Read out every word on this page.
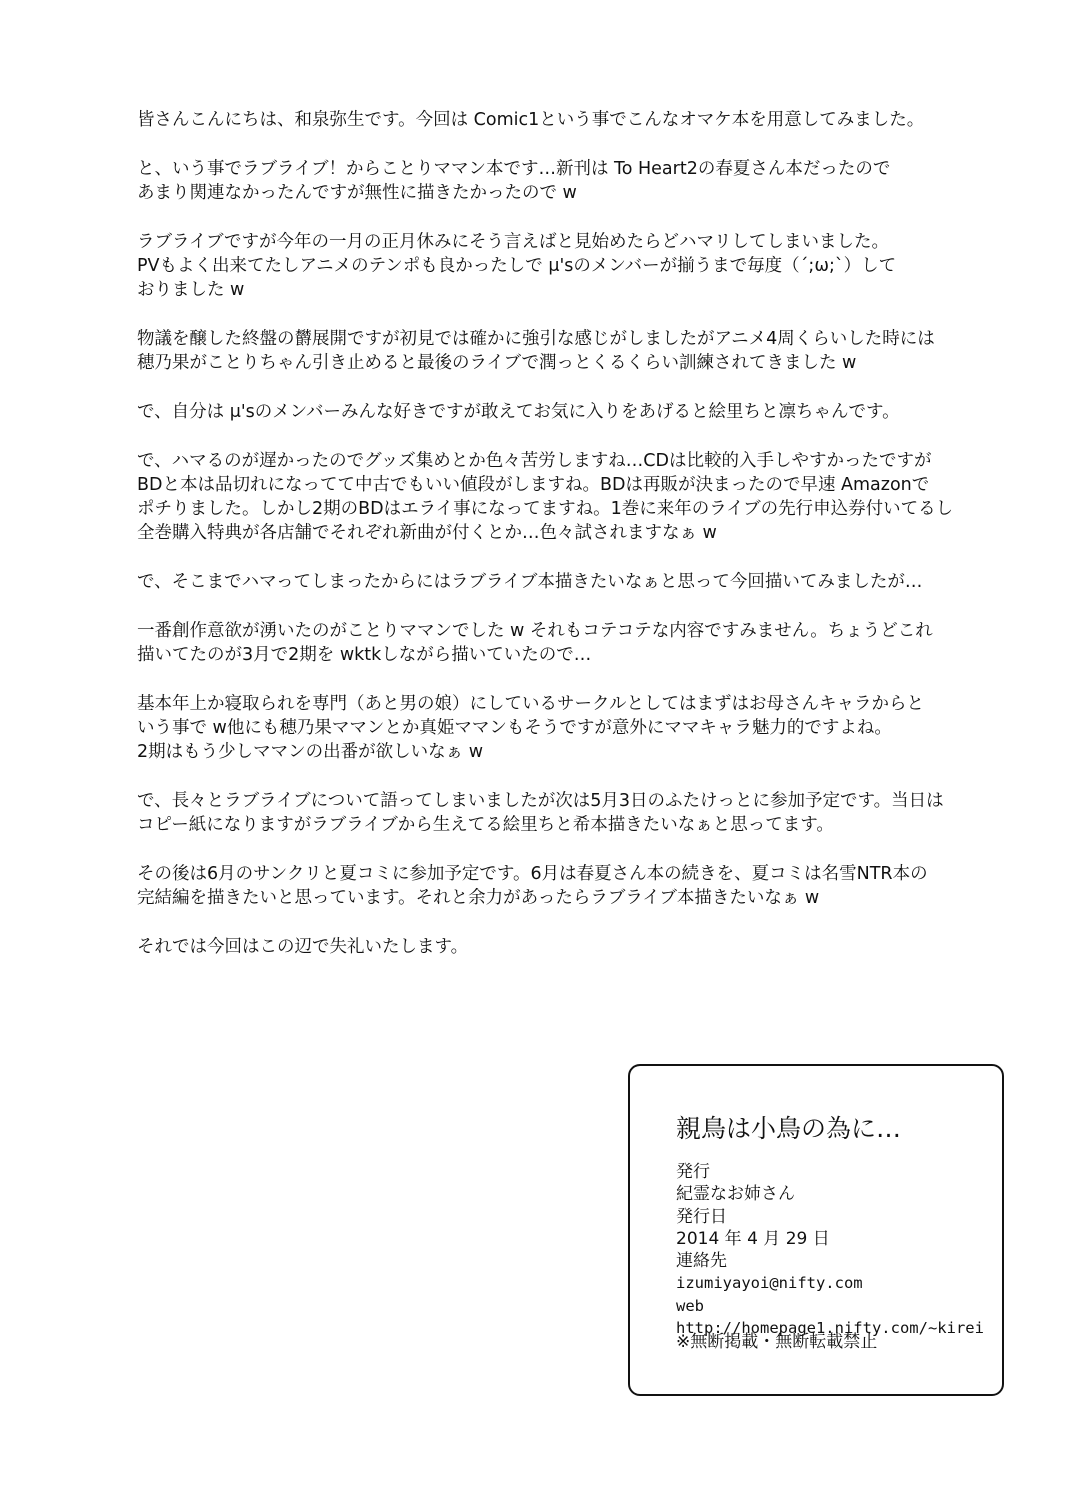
皆さんこんにちは、和泉弥生です。今回は Comic1という事でこんなオマケ本を用意してみました。
と、いう事でラブライブ！からことりママン本です…新刊は To Heart2の春夏さん本だったので
あまり関連なかったんですが無性に描きたかったので w
ラブライブですが今年の一月の正月休みにそう言えばと見始めたらどハマリしてしまいました。
PVもよく出来てたしアニメのテンポも良かったしで μ'sのメンバーが揃うまで毎度（´;ω;`）して
おりました w
物議を醸した終盤の欝展開ですが初見では確かに強引な感じがしましたがアニメ4周くらいした時には
穂乃果がことりちゃん引き止めると最後のライブで潤っとくるくらい訓練されてきました w
で、自分は μ'sのメンバーみんな好きですが敢えてお気に入りをあげると絵里ちと凛ちゃんです。
で、ハマるのが遅かったのでグッズ集めとか色々苦労しますね…CDは比較的入手しやすかったですが
BDと本は品切れになってて中古でもいい値段がしますね。BDは再販が決まったので早速 Amazonで
ポチりました。しかし2期のBDはエライ事になってますね。1巻に来年のライブの先行申込券付いてるし
全巻購入特典が各店舗でそれぞれ新曲が付くとか…色々試されますなぁ w
で、そこまでハマってしまったからにはラブライブ本描きたいなぁと思って今回描いてみましたが…
一番創作意欲が湧いたのがことりママンでした w それもコテコテな内容ですみません。ちょうどこれ
描いてたのが3月で2期を wktkしながら描いていたので…
基本年上か寝取られを専門（あと男の娘）にしているサークルとしてはまずはお母さんキャラからと
いう事で w他にも穂乃果ママンとか真姫ママンもそうですが意外にママキャラ魅力的ですよね。
2期はもう少しママンの出番が欲しいなぁ w
で、長々とラブライブについて語ってしまいましたが次は5月3日のふたけっとに参加予定です。当日は
コピー紙になりますがラブライブから生えてる絵里ちと希本描きたいなぁと思ってます。
その後は6月のサンクリと夏コミに参加予定です。6月は春夏さん本の続きを、夏コミは名雪NTR本の
完結編を描きたいと思っています。それと余力があったらラブライブ本描きたいなぁ w
それでは今回はこの辺で失礼いたします。
親鳥は小鳥の為に…
発行
紀霊なお姉さん
発行日
2014 年 4 月 29 日
連絡先
izumiyayoi@nifty.com
web
http://homepage1.nifty.com/~kirei
※無断掲載・無断転載禁止
